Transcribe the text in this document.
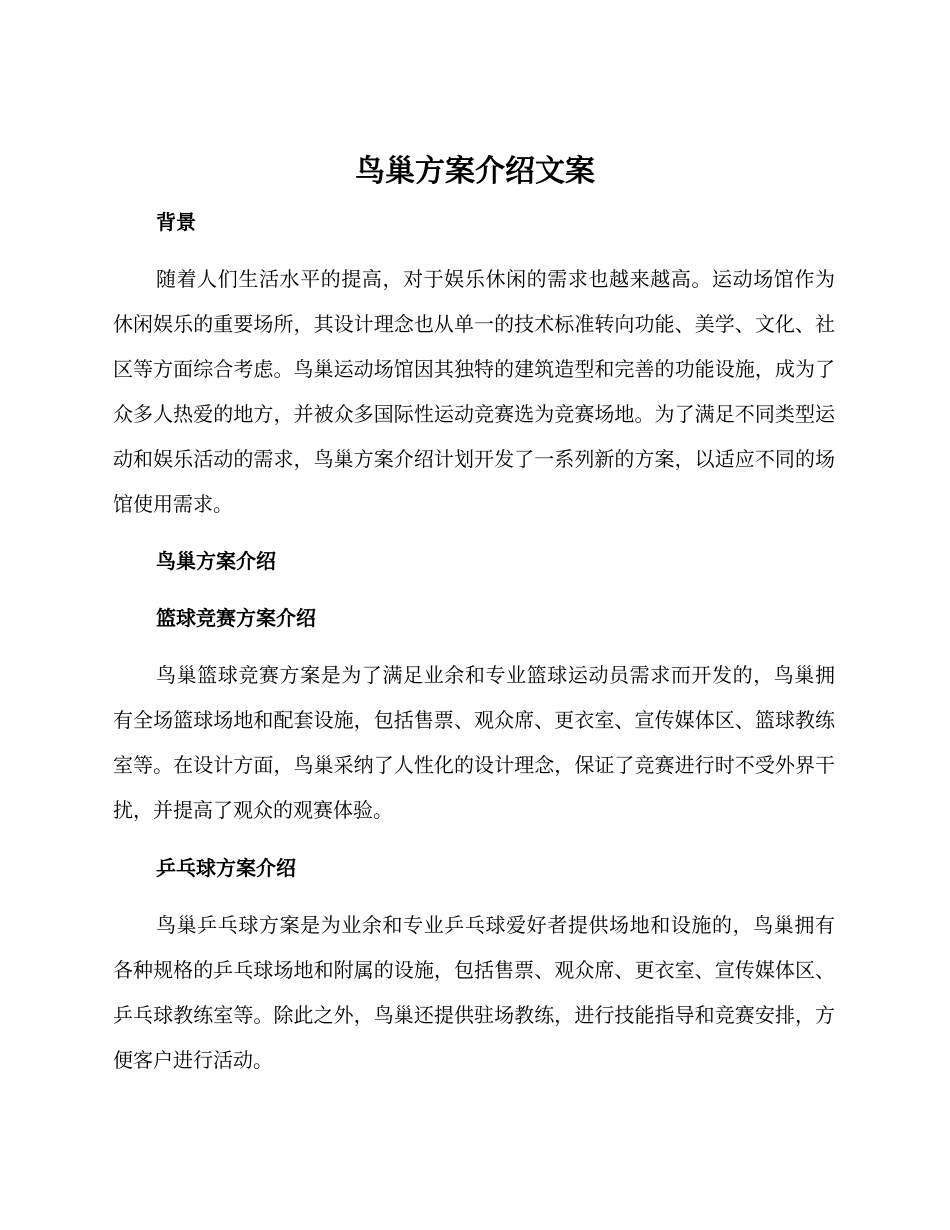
鸟巢方案介绍文案
背景

随着人们生活水平的提高，对于娱乐休闲的需求也越来越高。运动场馆作为休闲娱乐的重要场所，其设计理念也从单一的技术标准转向功能、美学、文化、社区等方面综合考虑。鸟巢运动场馆因其独特的建筑造型和完善的功能设施，成为了众多人热爱的地方，并被众多国际性运动竞赛选为竞赛场地。为了满足不同类型运动和娱乐活动的需求，鸟巢方案介绍计划开发了一系列新的方案，以适应不同的场馆使用需求。

鸟巢方案介绍
篮球竞赛方案介绍

鸟巢篮球竞赛方案是为了满足业余和专业篮球运动员需求而开发的，鸟巢拥有全场篮球场地和配套设施，包括售票、观众席、更衣室、宣传媒体区、篮球教练室等。在设计方面，鸟巢采纳了人性化的设计理念，保证了竞赛进行时不受外界干扰，并提高了观众的观赛体验。

乒乓球方案介绍

鸟巢乒乓球方案是为业余和专业乒乓球爱好者提供场地和设施的，鸟巢拥有各种规格的乒乓球场地和附属的设施，包括售票、观众席、更衣室、宣传媒体区、乒乓球教练室等。除此之外，鸟巢还提供驻场教练，进行技能指导和竞赛安排，方便客户进行活动。
